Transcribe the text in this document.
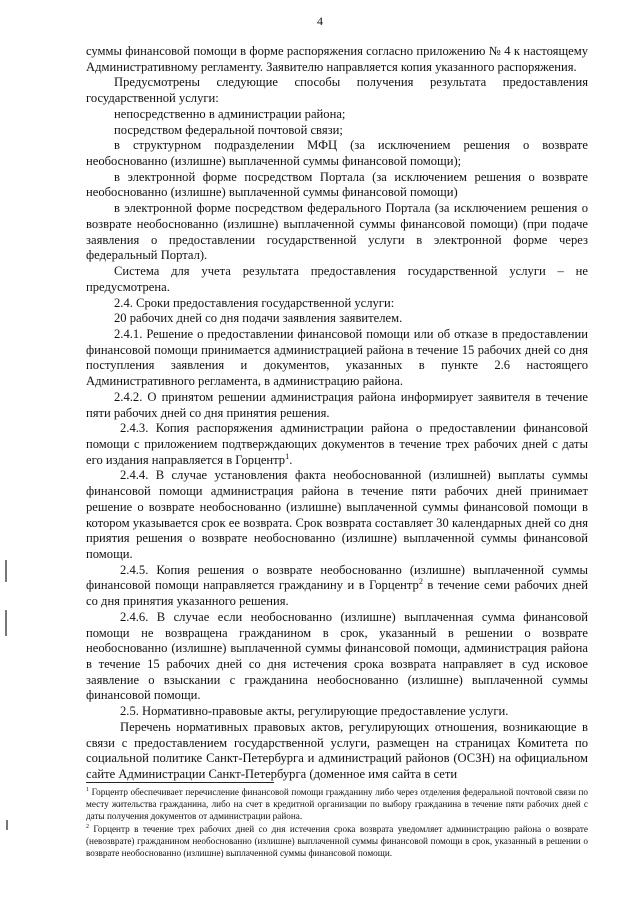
4

суммы финансовой помощи в форме распоряжения согласно приложению № 4 к настоящему Административному регламенту. Заявителю направляется копия указанного распоряжения.

Предусмотрены следующие способы получения результата предоставления государственной услуги:

непосредственно в администрации района;

посредством федеральной почтовой связи;

в структурном подразделении МФЦ (за исключением решения о возврате необоснованно (излишне) выплаченной суммы финансовой помощи);

в электронной форме посредством Портала (за исключением решения о возврате необоснованно (излишне) выплаченной суммы финансовой помощи)

в электронной форме посредством федерального Портала (за исключением решения о возврате необоснованно (излишне) выплаченной суммы финансовой помощи) (при подаче заявления о предоставлении государственной услуги в электронной форме через федеральный Портал).

Система для учета результата предоставления государственной услуги – не предусмотрена.

2.4. Сроки предоставления государственной услуги:

20 рабочих дней со дня подачи заявления заявителем.

2.4.1. Решение о предоставлении финансовой помощи или об отказе в предоставлении финансовой помощи принимается администрацией района в течение 15 рабочих дней со дня поступления заявления и документов, указанных в пункте 2.6 настоящего Административного регламента, в администрацию района.

2.4.2. О принятом решении администрация района информирует заявителя в течение пяти рабочих дней со дня принятия решения.

2.4.3. Копия распоряжения администрации района о предоставлении финансовой помощи с приложением подтверждающих документов в течение трех рабочих дней с даты его издания направляется в Горцентр$^1$.

2.4.4. В случае установления факта необоснованной (излишней) выплаты суммы финансовой помощи администрация района в течение пяти рабочих дней принимает решение о возврате необоснованно (излишне) выплаченной суммы финансовой помощи в котором указывается срок ее возврата. Срок возврата составляет 30 календарных дней со дня приятия решения о возврате необоснованно (излишне) выплаченной суммы финансовой помощи.

2.4.5. Копия решения о возврате необоснованно (излишне) выплаченной суммы финансовой помощи направляется гражданину и в Горцентр$^2$ в течение семи рабочих дней со дня принятия указанного решения.

2.4.6. В случае если необоснованно (излишне) выплаченная сумма финансовой помощи не возвращена гражданином в срок, указанный в решении о возврате необоснованно (излишне) выплаченной суммы финансовой помощи, администрация района в течение 15 рабочих дней со дня истечения срока возврата направляет в суд исковое заявление о взыскании с гражданина необоснованно (излишне) выплаченной суммы финансовой помощи.

2.5. Нормативно-правовые акты, регулирующие предоставление услуги.

Перечень нормативных правовых актов, регулирующих отношения, возникающие в связи с предоставлением государственной услуги, размещен на страницах Комитета по социальной политике Санкт-Петербурга и администраций районов (ОСЗН) на официальном сайте Администрации Санкт-Петербурга (доменное имя сайта в сети

$^1$ Горцентр обеспечивает перечисление финансовой помощи гражданину либо через отделения федеральной почтовой связи по месту жительства гражданина, либо на счет в кредитной организации по выбору гражданина в течение пяти рабочих дней с даты получения документов от администрации района.

$^2$ Горцентр в течение трех рабочих дней со дня истечения срока возврата уведомляет администрацию района о возврате (невозврате) гражданином необоснованно (излишне) выплаченной суммы финансовой помощи в срок, указанный в решении о возврате необоснованно (излишне) выплаченной суммы финансовой помощи.
